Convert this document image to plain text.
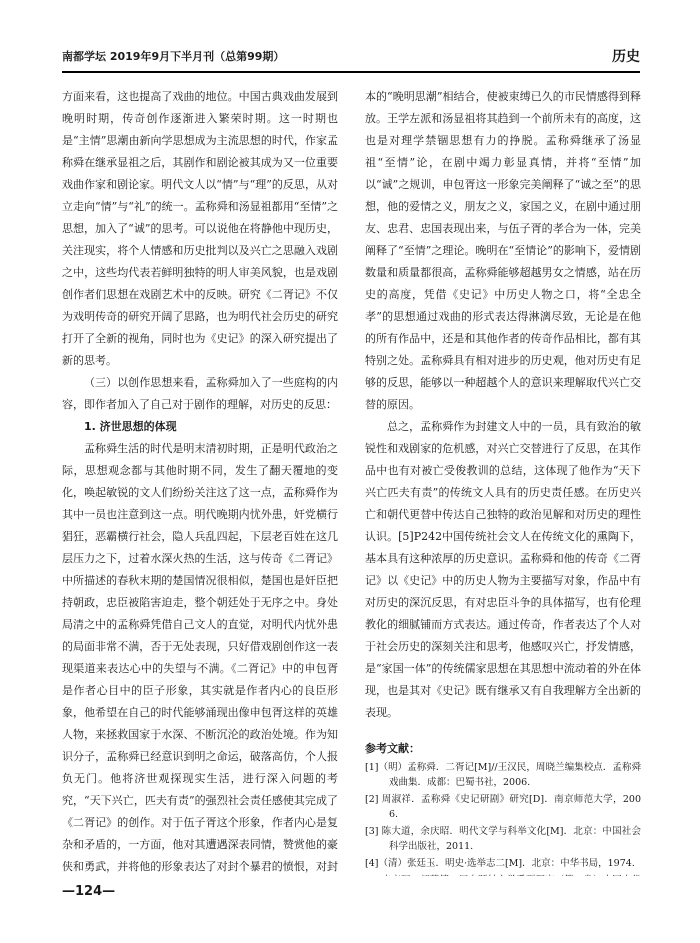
南都学坛 2019年9月下半月刊（总第99期）	历史

方面来看，这也提高了戏曲的地位。中国古典戏曲发展到晚明时期，传奇创作逐渐进入繁荣时期。这一时期也是“主情”思潮由新向学思想成为主流思想的时代，作家孟称舜在继承显祖之后，其剧作和剧论被其成为又一位重要戏曲作家和剧论家。明代文人以“情”与“理”的反思，从对立走向“情”与“礼”的统一。孟称舜和汤显祖都用“至情”之思想，加入了“诚”的思考。可以说他在将静他中现历史，关注现实，将个人情感和历史批判以及兴亡之思融入戏剧之中，这些均代表若鲜明独特的明人审美风貌，也是戏剧创作者们思想在戏剧艺术中的反映。研究《二胥记》不仅为戏明传奇的研究开阔了思路，也为明代社会历史的研究打开了全新的视角，同时也为《史记》的深入研究提出了新的思考。

（三）以创作思想来看，孟称舜加入了一些庭构的内容，即作者加入了自己对于剧作的理解，对历史的反思：

1. 济世思想的体现

孟称舜生活的时代是明末清初时期，正是明代政治之际，思想观念都与其他时期不同，发生了翻天覆地的变化，唤起敏锐的文人们纷纷关注这了这一点，孟称舜作为其中一员也注意到这一点。明代晚期内忧外患，奸党横行猖狂，恶霸横行社会，隐人兵乱四起，下层老百姓在这几层压力之下，过着水深火热的生活，这与传奇《二胥记》中所描述的春秋末期的楚国情况很相似，楚国也是奸臣把持朝政，忠臣被陷害迫走，整个朝廷处于无序之中。身处局清之中的孟称舜凭借自己文人的直觉，对明代内忧外患的局面非常不满，否于无处表现，只好借戏剧创作这一表现渠道来表达心中的失望与不满。《二胥记》中的申包胥是作者心目中的臣子形象，其实就是作者内心的良臣形象，他希望在自己的时代能够涌现出像申包胥这样的英雄人物，来拯救国家于水深、不断沉沦的政治处境。作为知识分子，孟称舜已经意识到明之命运，破落高仿，个人报负无门。他将济世观探现实生活，进行深入问题的考究，“天下兴亡，匹夫有责”的强烈社会责任感使其完成了《二胥记》的创作。对于伍子胥这个形象，作者内心是复杂和矛盾的，一方面，他对其遭遇深表同情，赞赏他的豪侠和勇武，并将他的形象表达了对封个暴君的愤恨，对封

本的“晚明思潮”相结合，使被束缚已久的市民情感得到释放。王学左派和汤显祖将其趋到一个前所未有的高度，这也是对理学禁锢思想有力的挣脱。孟称舜继承了汤显祖“至情”论，在剧中竭力彰显真情，并将“至情”加以“诚”之规训，申包胥这一形象完美阐释了“诚之至”的思想，他的爱情之义，朋友之义，家国之义，在剧中通过朋友、忠君、忠国表现出来，与伍子胥的孝合为一体，完美阐释了“至情”之理论。晚明在“至情论”的影响下，爱情剧数量和质量都很高，孟称舜能够超越男女之情感，站在历史的高度，凭借《史记》中历史人物之口，将“全忠全孝”的思想通过戏曲的形式表达得淋漓尽致，无论是在他的所有作品中，还是和其他作者的传奇作品相比，都有其特别之处。孟称舜具有相对进步的历史观，他对历史有足够的反思，能够以一种超越个人的意识来理解取代兴亡交替的原因。

总之，孟称舜作为封建文人中的一员，具有致治的敏锐性和戏剧家的危机感，对兴亡交替进行了反思，在其作品中也有对被亡受俊教训的总结，这体现了他作为“天下兴亡匹夫有责”的传统文人具有的历史责任感。在历史兴亡和朝代更替中传达自己独特的政治见解和对历史的理性认识。[5]P242中国传统社会文人在传统文化的熏陶下，基本具有这种浓厚的历史意识。孟称舜和他的传奇《二胥记》以《史记》中的历史人物为主要描写对象，作品中有对历史的深沉反思，有对忠臣斗争的具体描写，也有伦理教化的细腻铺而方式表达。通过传奇，作者表达了个人对于社会历史的深刻关注和思考，他感叹兴亡，抒发情感，是“家国一体”的传统儒家思想在其思想中流动着的外在体现，也是其对《史记》既有继承又有自我理解方全出新的表现。

参考文献：

[1]（明）孟称舜．二胥记[M]//王汉民，周晓兰编集校点．孟称舜戏曲集．成都：巴蜀书社，2006.

[2] 周淑祥．孟称舜《史记研剧》研究[D]．南京师范大学，2006.

[3] 陈大道，余庆昭．明代文学与科举文化[M]．北京：中国社会科学出版社，2011.

[4]（清）张廷玉．明史·选举志二[M]．北京：中华书局，1974.

—124—
